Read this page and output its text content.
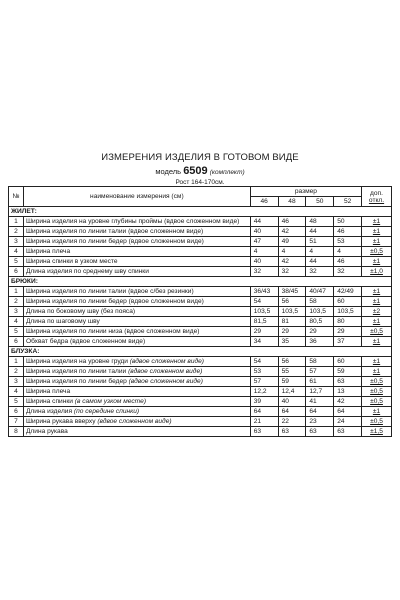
ИЗМЕРЕНИЯ ИЗДЕЛИЯ В ГОТОВОМ ВИДЕ
модель 6509 (комплект)
Рост 164-170см.
№	наименование измерения (см)	размер				доп.
откл.
		46	48	50	52	
ЖИЛЕТ:						
1	Ширина изделия на уровне глубины проймы (вдвое сложенном виде)	44	46	48	50	±1
2	Ширина изделия по линии талии (вдвое сложенном виде)	40	42	44	46	±1
3	Ширина изделия по линии бедер (вдвое сложенном виде)	47	49	51	53	±1
4	Ширина плеча	4	4	4	4	±0,5
5	Ширина спинки в узком месте	40	42	44	46	±1
6	Длина изделия по среднему шву спинки	32	32	32	32	±1,0
БРЮКИ:						
1	Ширина изделия по линии талии (вдвое с/без резинки)	36/43	38/45	40/47	42/49	±1
2	Ширина изделия по линии бедер (вдвое сложенном виде)	54	56	58	60	±1
3	Длина по боковому шву (без пояса)	103,5	103,5	103,5	103,5	±2
4	Длина по шаговому шву	81,5	81	80,5	80	±1
5	Ширина изделия по линии низа (вдвое сложенном виде)	29	29	29	29	±0,5
6	Обхват бедра (вдвое сложенном виде)	34	35	36	37	±1
БЛУЗКА:						
1	Ширина изделия на уровне груди (вдвое сложенном виде)	54	56	58	60	±1
2	Ширина изделия по линии талии (вдвое сложенном виде)	53	55	57	59	±1
3	Ширина изделия по линии бедер (вдвое сложенном виде)	57	59	61	63	±0,5
4	Ширина плеча	12,2	12,4	12,7	13	±0,5
5	Ширина спинки (в самом узком месте)	39	40	41	42	±0,5
6	Длина изделия (по середине спинки)	64	64	64	64	±1
7	Ширина рукава вверху (вдвое сложенном виде)	21	22	23	24	±0,5
8	Длина рукава	63	63	63	63	±1,5
